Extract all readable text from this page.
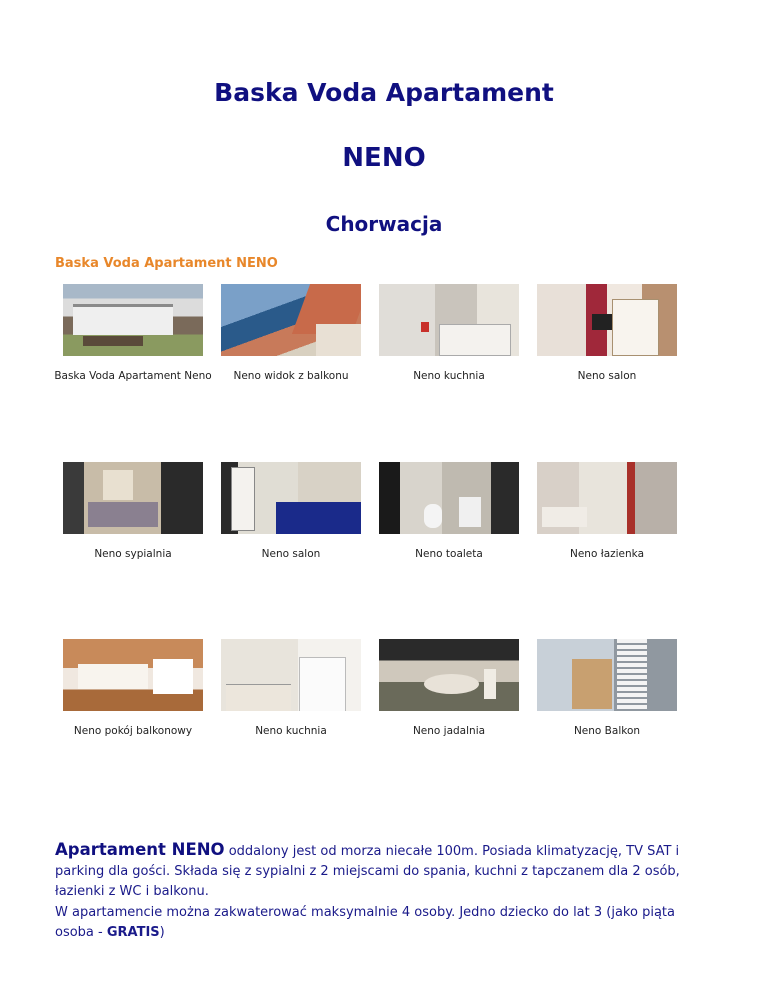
Baska Voda Apartament
NENO
Chorwacja
Baska Voda Apartament NENO
Baska Voda Apartament Neno	Neno widok z balkonu	Neno kuchnia	Neno salon
Neno sypialnia	Neno salon	Neno toaleta	Neno łazienka
Neno pokój balkonowy	Neno kuchnia	Neno jadalnia	Neno Balkon

Apartament NENO oddalony jest od morza niecałe 100m. Posiada klimatyzację, TV SAT i parking dla gości. Składa się z sypialni z 2 miejscami do spania, kuchni z tapczanem dla 2 osób, łazienki z WC i balkonu.

W apartamencie można zakwaterować maksymalnie 4 osoby. Jedno dziecko do lat 3 (jako piąta osoba - GRATIS)
